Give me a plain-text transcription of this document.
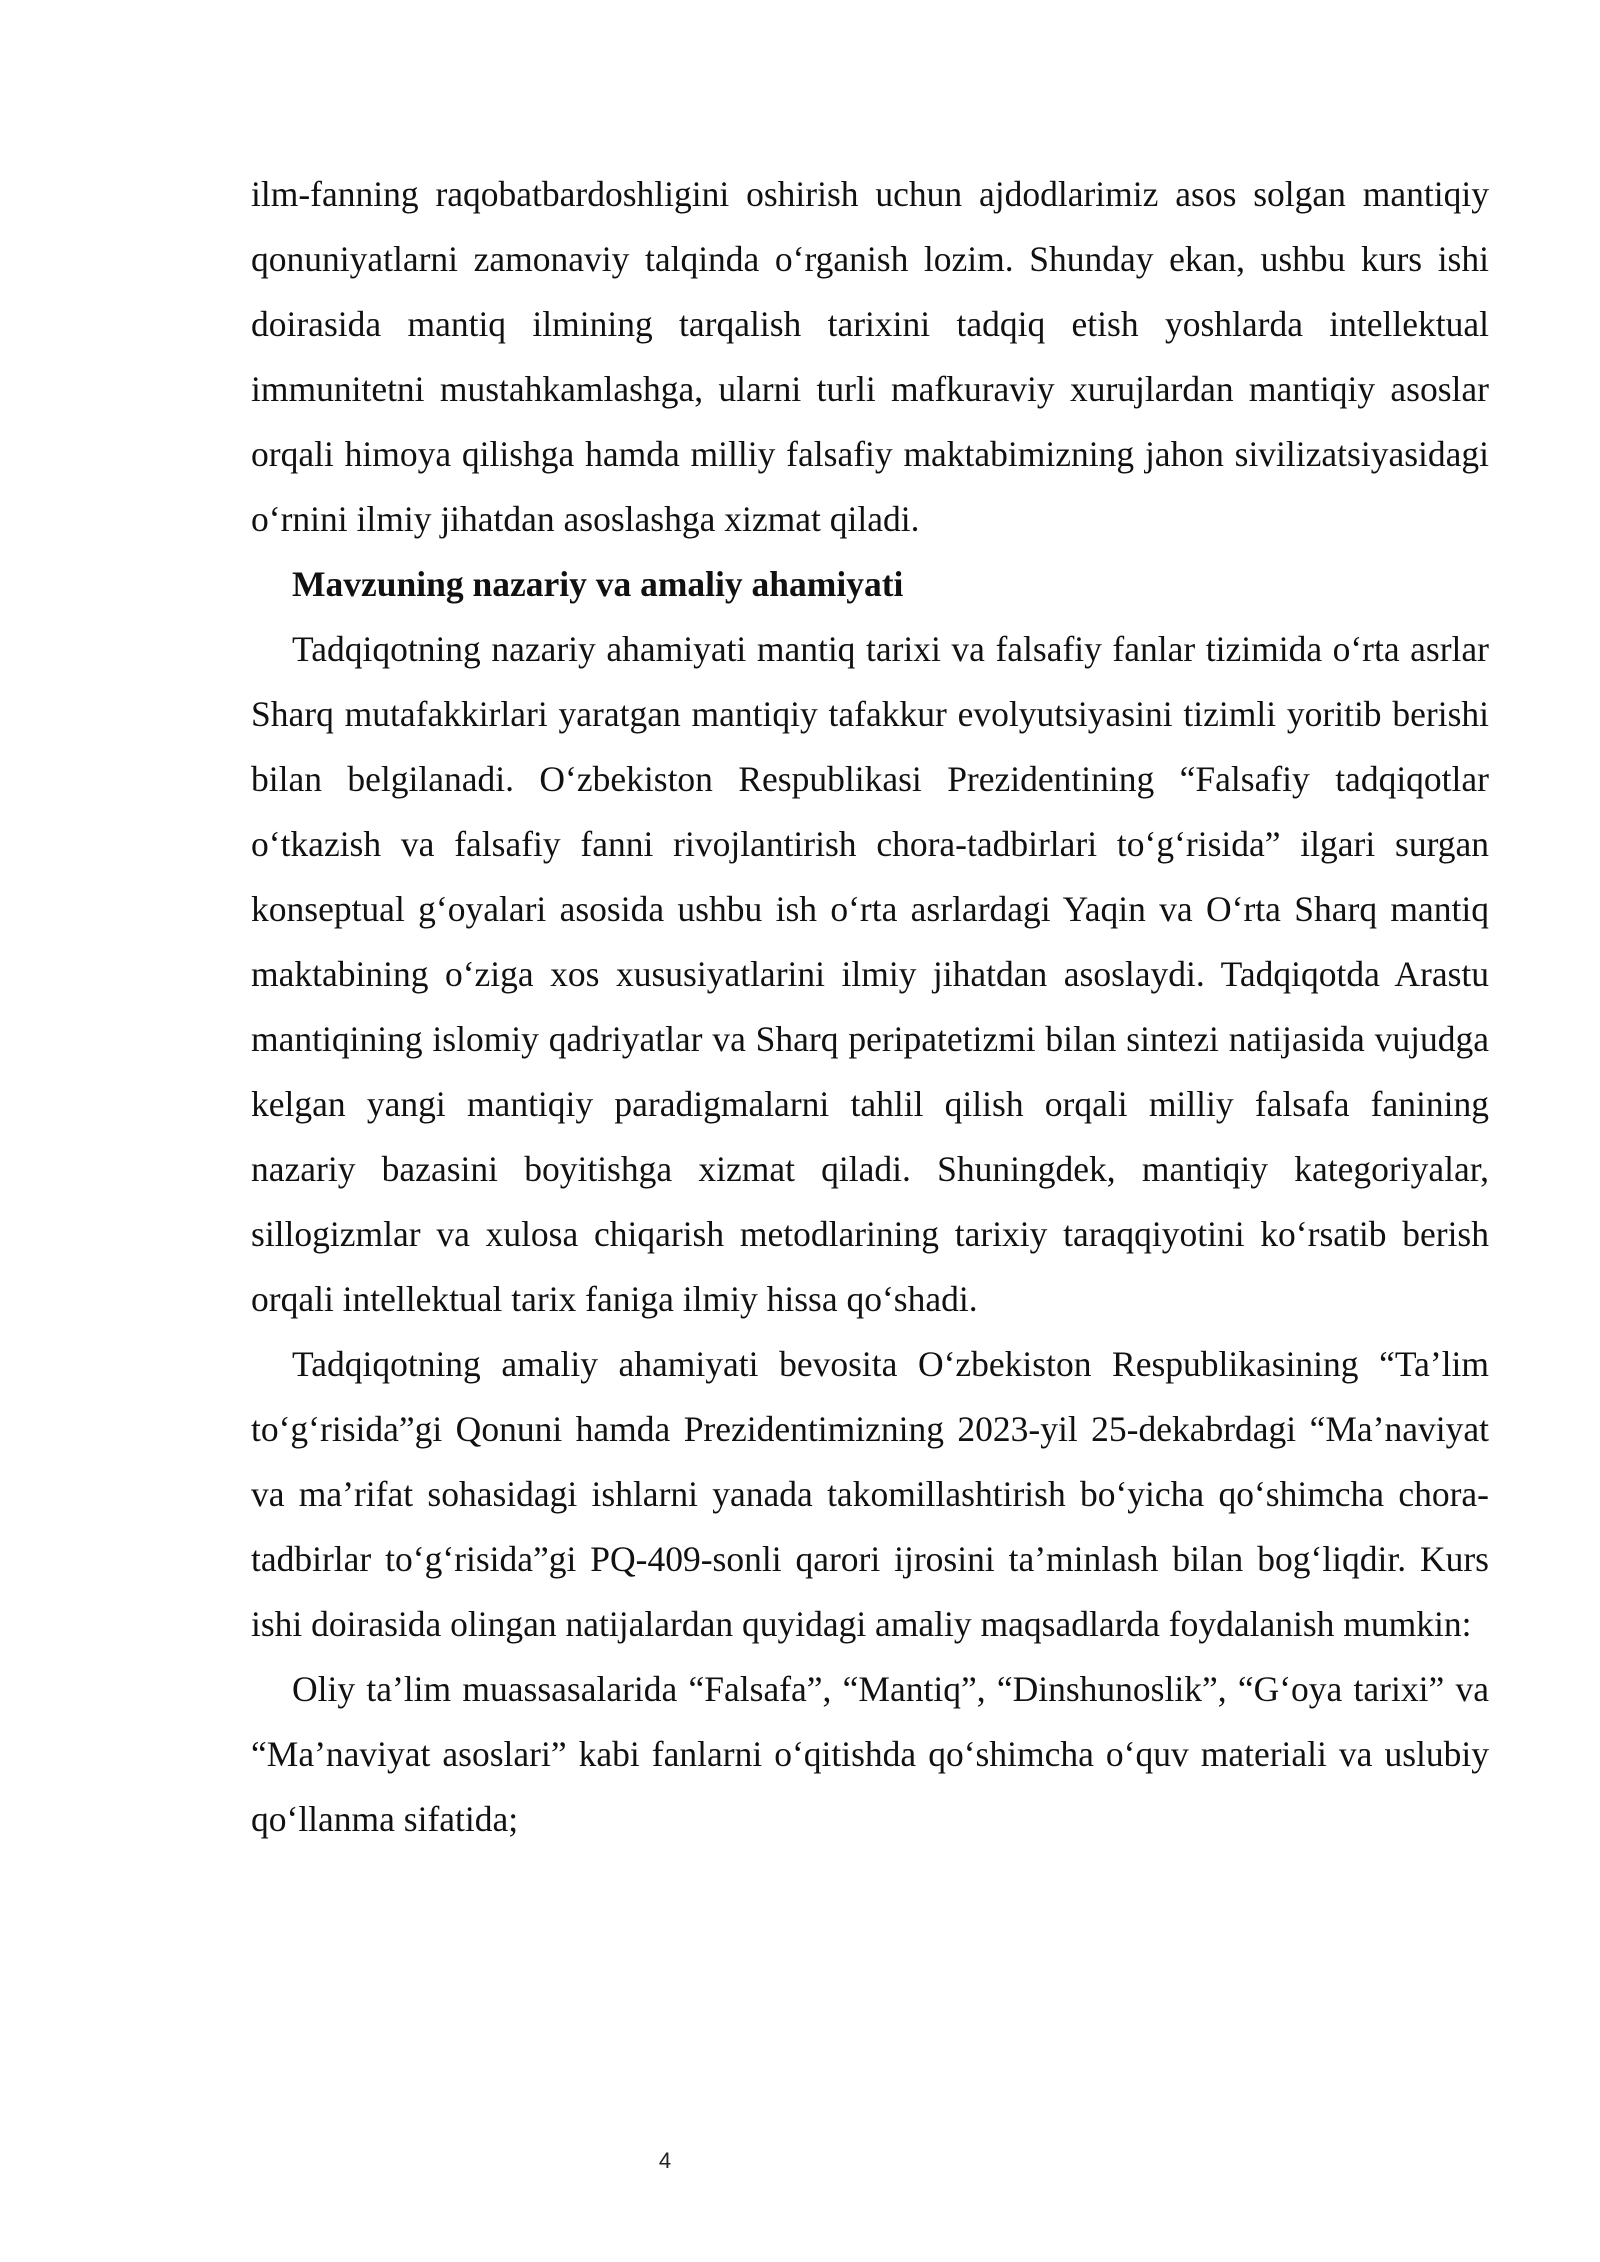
ilm-fanning raqobatbardoshligini oshirish uchun ajdodlarimiz asos solgan mantiqiy qonuniyatlarni zamonaviy talqinda o‘rganish lozim. Shunday ekan, ushbu kurs ishi doirasida mantiq ilmining tarqalish tarixini tadqiq etish yoshlarda intellektual immunitetni mustahkamlashga, ularni turli mafkuraviy xurujlardan mantiqiy asoslar orqali himoya qilishga hamda milliy falsafiy maktabimizning jahon sivilizatsiyasidagi o‘rnini ilmiy jihatdan asoslashga xizmat qiladi.

Mavzuning nazariy va amaliy ahamiyati

Tadqiqotning nazariy ahamiyati mantiq tarixi va falsafiy fanlar tizimida o‘rta asrlar Sharq mutafakkirlari yaratgan mantiqiy tafakkur evolyutsiyasini tizimli yoritib berishi bilan belgilanadi. O‘zbekiston Respublikasi Prezidentining “Falsafiy tadqiqotlar o‘tkazish va falsafiy fanni rivojlantirish chora-tadbirlari to‘g‘risida” ilgari surgan konseptual g‘oyalari asosida ushbu ish o‘rta asrlardagi Yaqin va O‘rta Sharq mantiq maktabining o‘ziga xos xususiyatlarini ilmiy jihatdan asoslaydi. Tadqiqotda Arastu mantiqining islomiy qadriyatlar va Sharq peripatetizmi bilan sintezi natijasida vujudga kelgan yangi mantiqiy paradigmalarni tahlil qilish orqali milliy falsafa fanining nazariy bazasini boyitishga xizmat qiladi. Shuningdek, mantiqiy kategoriyalar, sillogizmlar va xulosa chiqarish metodlarining tarixiy taraqqiyotini ko‘rsatib berish orqali intellektual tarix faniga ilmiy hissa qo‘shadi.

Tadqiqotning amaliy ahamiyati bevosita O‘zbekiston Respublikasining “Ta’lim to‘g‘risida”gi Qonuni hamda Prezidentimizning 2023-yil 25-dekabrdagi “Ma’naviyat va ma’rifat sohasidagi ishlarni yanada takomillashtirish bo‘yicha qo‘shimcha chora-tadbirlar to‘g‘risida”gi PQ-409-sonli qarori ijrosini ta’minlash bilan bog‘liqdir. Kurs ishi doirasida olingan natijalardan quyidagi amaliy maqsadlarda foydalanish mumkin:

Oliy ta’lim muassasalarida “Falsafa”, “Mantiq”, “Dinshunoslik”, “G‘oya tarixi” va “Ma’naviyat asoslari” kabi fanlarni o‘qitishda qo‘shimcha o‘quv materiali va uslubiy qo‘llanma sifatida;

4
